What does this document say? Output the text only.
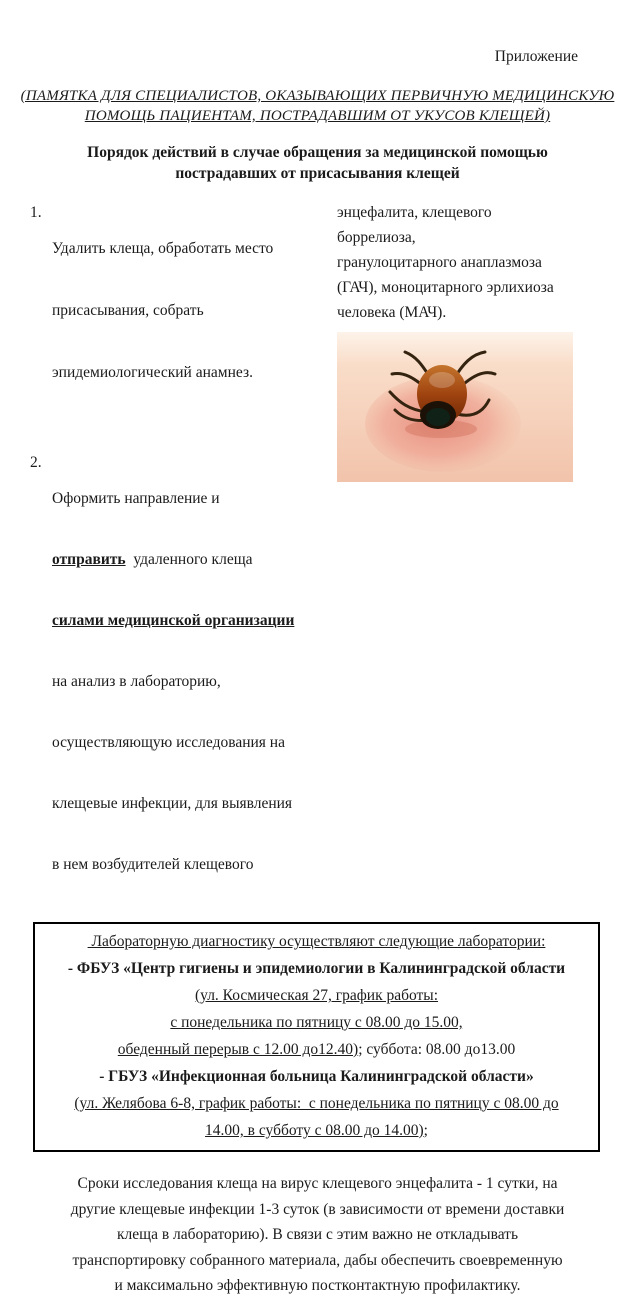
Приложение
(ПАМЯТКА ДЛЯ СПЕЦИАЛИСТОВ, ОКАЗЫВАЮЩИХ ПЕРВИЧНУЮ МЕДИЦИНСКУЮ
ПОМОЩЬ ПАЦИЕНТАМ, ПОСТРАДАВШИМ ОТ УКУСОВ КЛЕЩЕЙ)
Порядок действий в случае обращения за медицинской помощью
пострадавших от присасывания клещей
1.

Удалить клеща, обработать место

присасывания, собрать

эпидемиологический анамнез.

2.

Оформить направление и

отправить  удаленного клеща

силами медицинской организации

на анализ в лабораторию,

осуществляющую исследования на

клещевые инфекции, для выявления

в нем возбудителей клещевого

энцефалита, клещевого боррелиоза,
гранулоцитарного анаплазмоза
(ГАЧ), моноцитарного эрлихиоза
человека (МАЧ).
Лабораторную диагностику осуществляют следующие лаборатории:
- ФБУЗ «Центр гигиены и эпидемиологии в Калининградской области
(ул. Космическая 27, график работы:
с понедельника по пятницу с 08.00 до 15.00,
обеденный перерыв с 12.00 до12.40); суббота: 08.00 до13.00
- ГБУЗ «Инфекционная больница Калининградской области»
(ул. Желябова 6-8, график работы:  с понедельника по пятницу с 08.00 до
14.00, в субботу с 08.00 до 14.00);
Сроки исследования клеща на вирус клещевого энцефалита - 1 сутки, на
другие клещевые инфекции 1-3 суток (в зависимости от времени доставки
клеща в лабораторию). В связи с этим важно не откладывать
транспортировку собранного материала, дабы обеспечить своевременную
и максимально эффективную постконтактную профилактику.
